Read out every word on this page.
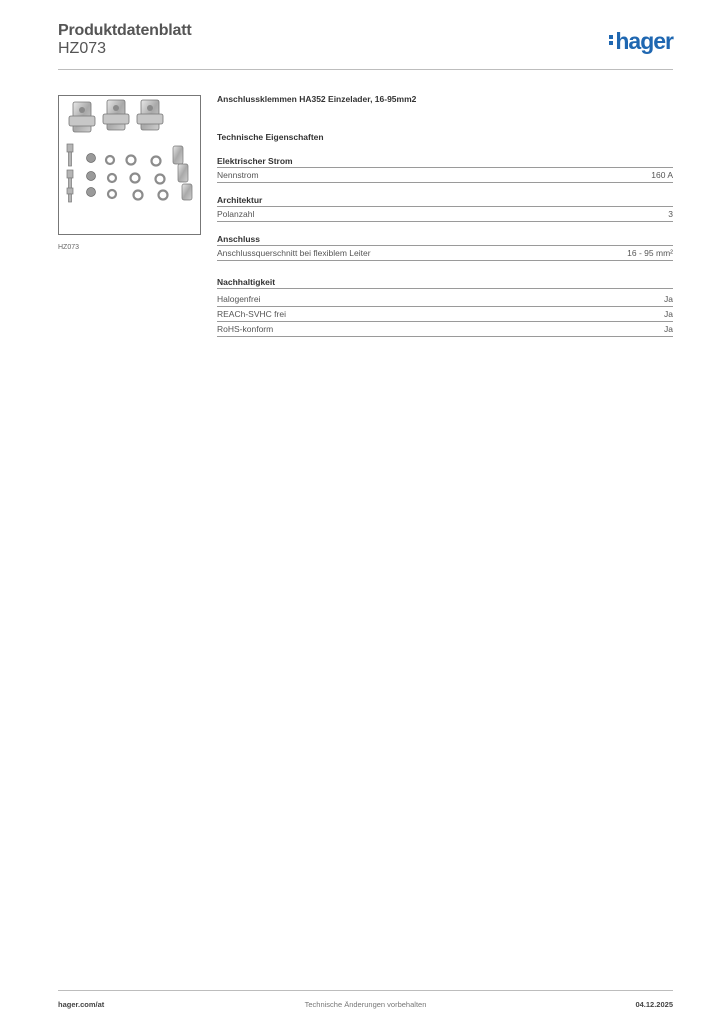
Produktdatenblatt
HZ073	hager
HZ073
Anschlussklemmen HA352 Einzelader, 16-95mm2
Technische Eigenschaften
Elektrischer Strom
Nennstrom	160 A
Architektur
Polanzahl	3
Anschluss
Anschlussquerschnitt bei flexiblem Leiter	16 - 95 mm²
Nachhaltigkeit
Halogenfrei	Ja
REACh-SVHC frei	Ja
RoHS-konform	Ja
hager.com/at	Technische Änderungen vorbehalten	04.12.2025
